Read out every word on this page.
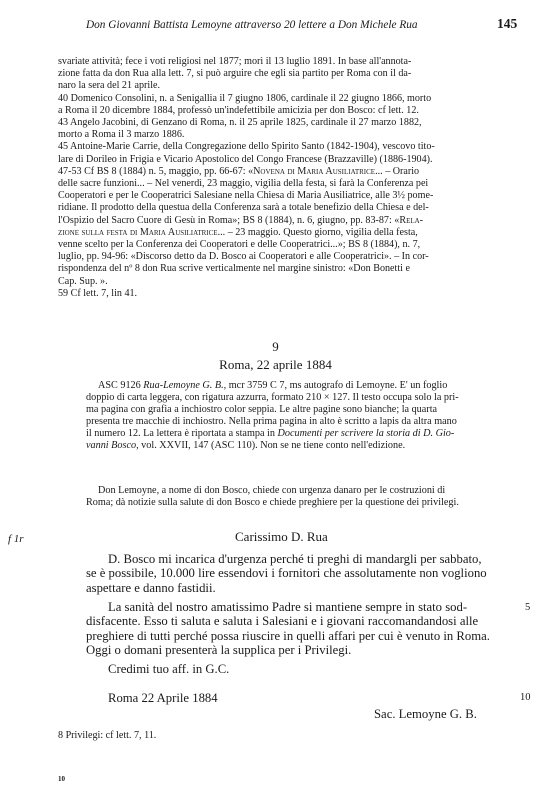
Don Giovanni Battista Lemoyne attraverso 20 lettere a Don Michele Rua	145

svariate attività; fece i voti religiosi nel 1877; morì il 13 luglio 1891. In base all'annota-
zione fatta da don Rua alla lett. 7, si può arguire che egli sia partito per Roma con il da-
naro la sera del 21 aprile.
40 Domenico Consolini, n. a Senigallia il 7 giugno 1806, cardinale il 22 giugno 1866, morto
a Roma il 20 dicembre 1884, professò un'indefettibile amicizia per don Bosco: cf lett. 12.
43 Angelo Jacobini, di Genzano di Roma, n. il 25 aprile 1825, cardinale il 27 marzo 1882,
morto a Roma il 3 marzo 1886.
45 Antoine-Marie Carrie, della Congregazione dello Spirito Santo (1842-1904), vescovo tito-
lare di Dorileo in Frigia e Vicario Apostolico del Congo Francese (Brazzaville) (1886-1904).
47-53 Cf BS 8 (1884) n. 5, maggio, pp. 66-67: «Novena di Maria Ausiliatrice... – Orario
delle sacre funzioni... – Nel venerdì, 23 maggio, vigilia della festa, si farà la Conferenza pei
Cooperatori e per le Cooperatrici Salesiane nella Chiesa di Maria Ausiliatrice, alle 3½ pome-
ridiane. Il prodotto della questua della Conferenza sarà a totale benefizio della Chiesa e del-
l'Ospizio del Sacro Cuore di Gesù in Roma»; BS 8 (1884), n. 6, giugno, pp. 83-87: «Rela-
zione sulla festa di Maria Ausiliatrice... – 23 maggio. Questo giorno, vigilia della festa,
venne scelto per la Conferenza dei Cooperatori e delle Cooperatrici...»; BS 8 (1884), n. 7,
luglio, pp. 94-96: «Discorso detto da D. Bosco ai Cooperatori e alle Cooperatrici». – In cor-
rispondenza del nº 8 don Rua scrive verticalmente nel margine sinistro: «Don Bonetti e
Cap. Sup. ».
59 Cf lett. 7, lin 41.

9
Roma, 22 aprile 1884

ASC 9126 Rua-Lemoyne G. B., mcr 3759 C 7, ms autografo di Lemoyne. E' un foglio
doppio di carta leggera, con rigatura azzurra, formato 210 × 127. Il testo occupa solo la pri-
ma pagina con grafia a inchiostro color seppia. Le altre pagine sono bianche; la quarta
presenta tre macchie di inchiostro. Nella prima pagina in alto è scritto a lapis da altra mano
il numero 12. La lettera è riportata a stampa in Documenti per scrivere la storia di D. Gio-
vanni Bosco, vol. XXVII, 147 (ASC 110). Non se ne tiene conto nell'edizione.

Don Lemoyne, a nome di don Bosco, chiede con urgenza danaro per le costruzioni di
Roma; dà notizie sulla salute di don Bosco e chiede preghiere per la questione dei privilegi.

f 1r	Carissimo D. Rua

D. Bosco mi incarica d'urgenza perché ti preghi di mandargli per sabbato,
se è possibile, 10.000 lire essendovi i fornitori che assolutamente non vogliono
aspettare e danno fastidii.

La sanità del nostro amatissimo Padre si mantiene sempre in stato sod-
disfacente. Esso ti saluta e saluta i Salesiani e i giovani raccomandandosi alle
preghiere di tutti perché possa riuscire in quelli affari per cui è venuto in Roma.
Oggi o domani presenterà la supplica per i Privilegi.

Credimi tuo aff. in G.C.

5
Roma 22 Aprile 1884	10
Sac. Lemoyne G. B.
8 Privilegi: cf lett. 7, 11.
10
